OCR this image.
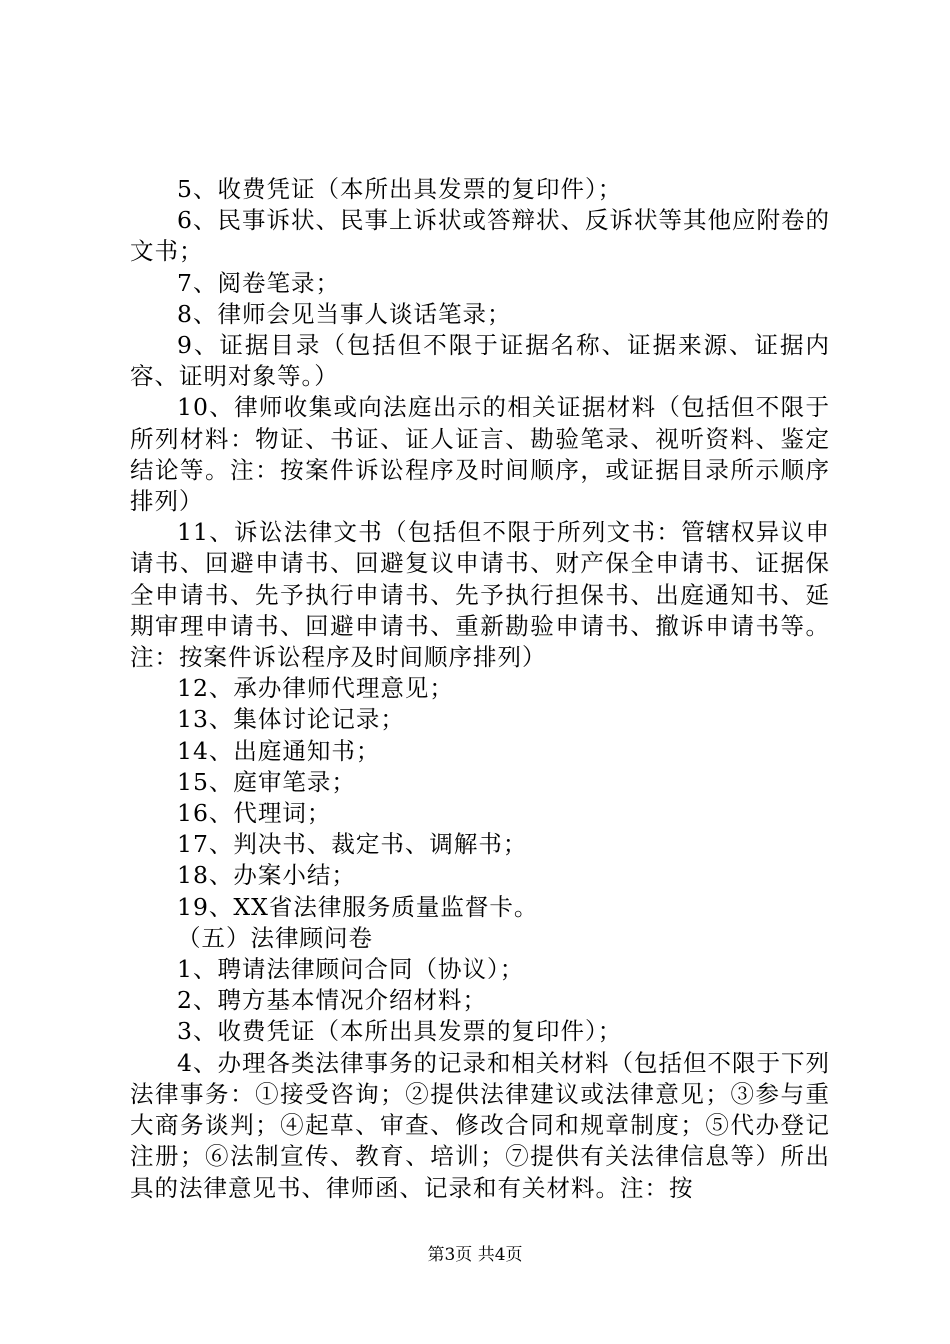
5、收费凭证（本所出具发票的复印件）；

6、民事诉状、民事上诉状或答辩状、反诉状等其他应附卷的文书；

7、阅卷笔录；

8、律师会见当事人谈话笔录；

9、证据目录（包括但不限于证据名称、证据来源、证据内容、证明对象等。）

10、律师收集或向法庭出示的相关证据材料（包括但不限于所列材料：物证、书证、证人证言、勘验笔录、视听资料、鉴定结论等。注：按案件诉讼程序及时间顺序，或证据目录所示顺序排列）

11、诉讼法律文书（包括但不限于所列文书：管辖权异议申请书、回避申请书、回避复议申请书、财产保全申请书、证据保全申请书、先予执行申请书、先予执行担保书、出庭通知书、延期审理申请书、回避申请书、重新勘验申请书、撤诉申请书等。注：按案件诉讼程序及时间顺序排列）

12、承办律师代理意见；

13、集体讨论记录；

14、出庭通知书；

15、庭审笔录；

16、代理词；

17、判决书、裁定书、调解书；

18、办案小结；

19、XX省法律服务质量监督卡。

（五）法律顾问卷

1、聘请法律顾问合同（协议）；

2、聘方基本情况介绍材料；

3、收费凭证（本所出具发票的复印件）；

4、办理各类法律事务的记录和相关材料（包括但不限于下列法律事务：①接受咨询；②提供法律建议或法律意见；③参与重大商务谈判；④起草、审查、修改合同和规章制度；⑤代办登记注册；⑥法制宣传、教育、培训；⑦提供有关法律信息等）所出具的法律意见书、律师函、记录和有关材料。注：按

第3页 共4页
